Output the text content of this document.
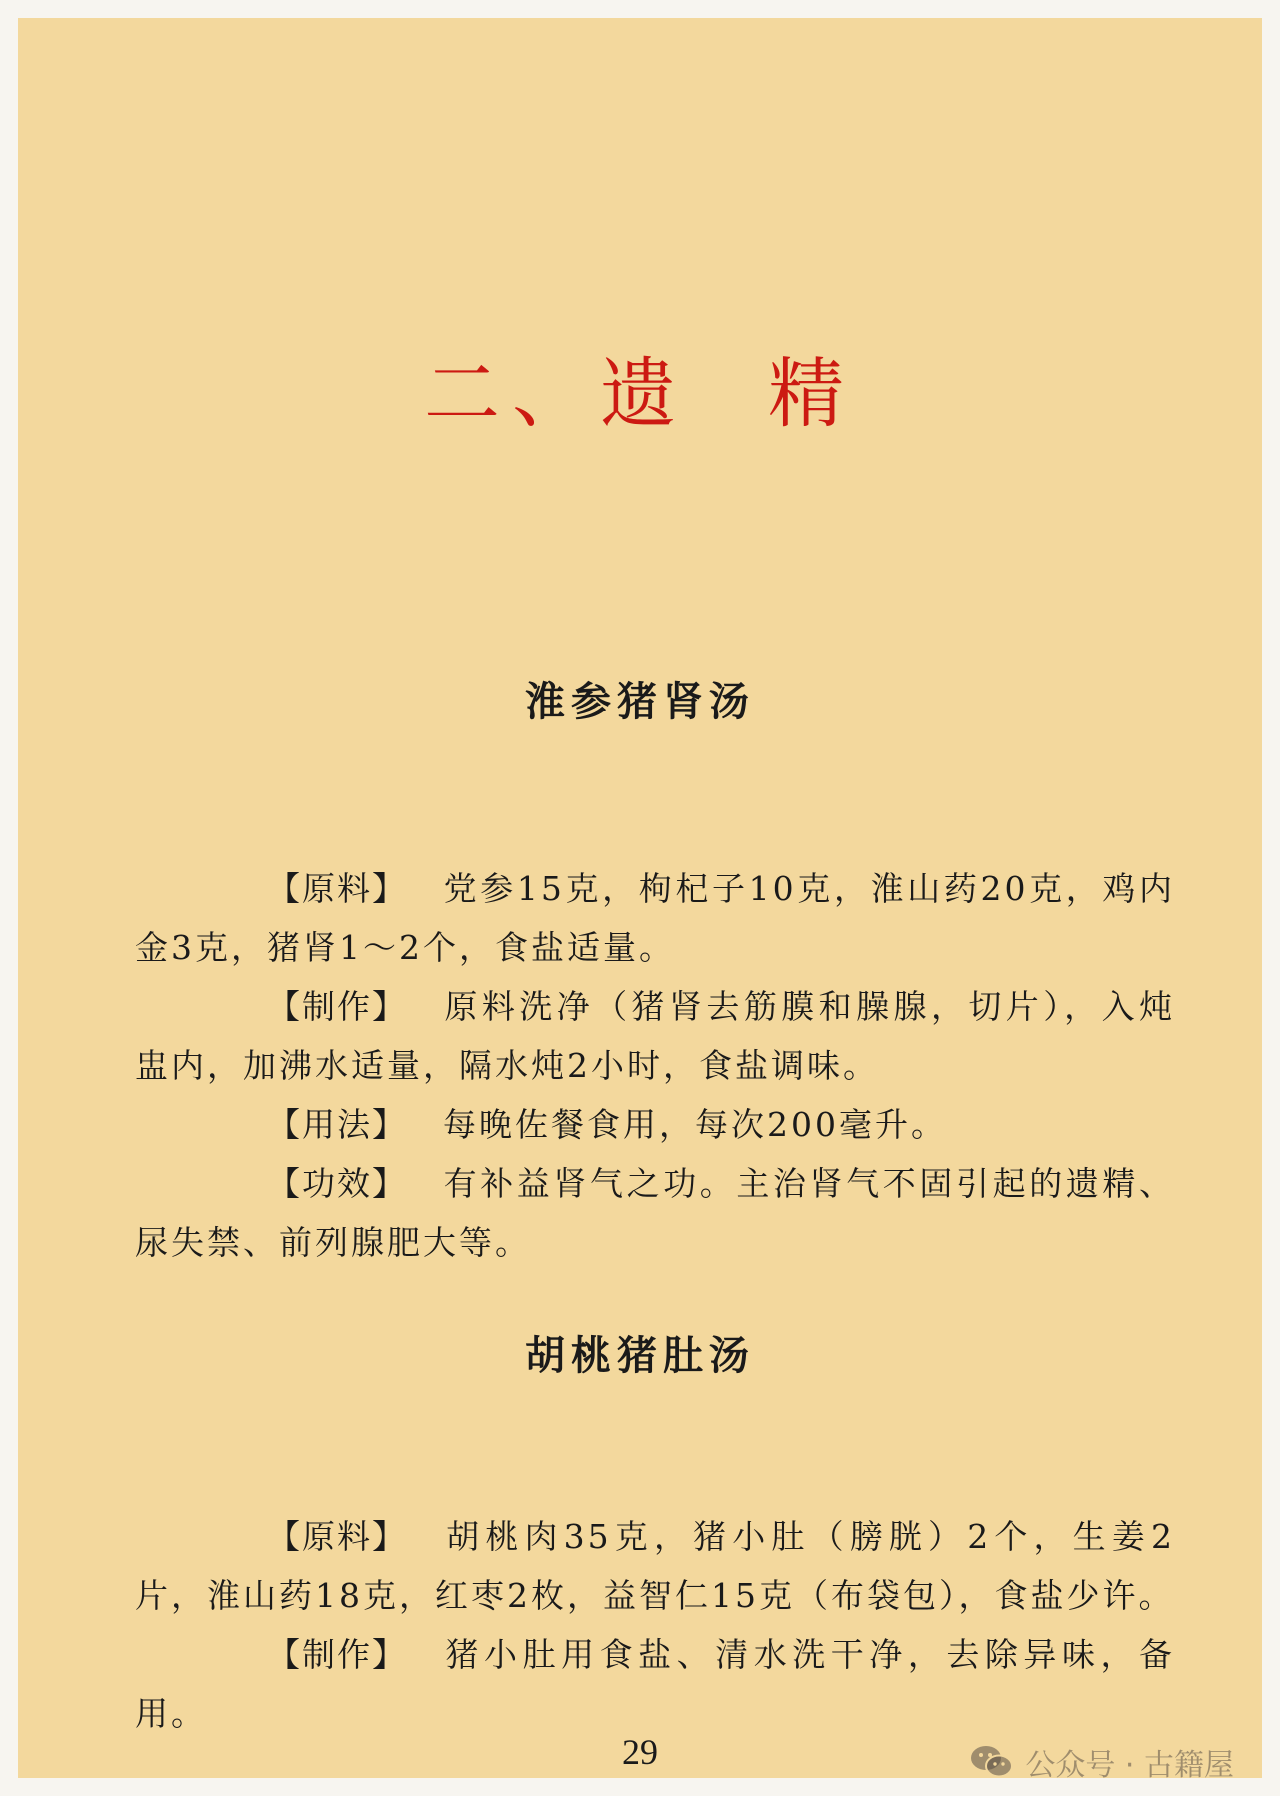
二、遗 精
淮参猪肾汤

【原料】 党参15克，枸杞子10克，淮山药20克，鸡内金3克，猪肾1～2个，食盐适量。

【制作】 原料洗净（猪肾去筋膜和臊腺，切片），入炖盅内，加沸水适量，隔水炖2小时，食盐调味。

【用法】 每晚佐餐食用，每次200毫升。

【功效】 有补益肾气之功。主治肾气不固引起的遗精、尿失禁、前列腺肥大等。

胡桃猪肚汤

【原料】 胡桃肉35克，猪小肚（膀胱）2个，生姜2片，淮山药18克，红枣2枚，益智仁15克（布袋包），食盐少许。

【制作】 猪小肚用食盐、清水洗干净，去除异味，备用。

29	公众号 · 古籍屋
